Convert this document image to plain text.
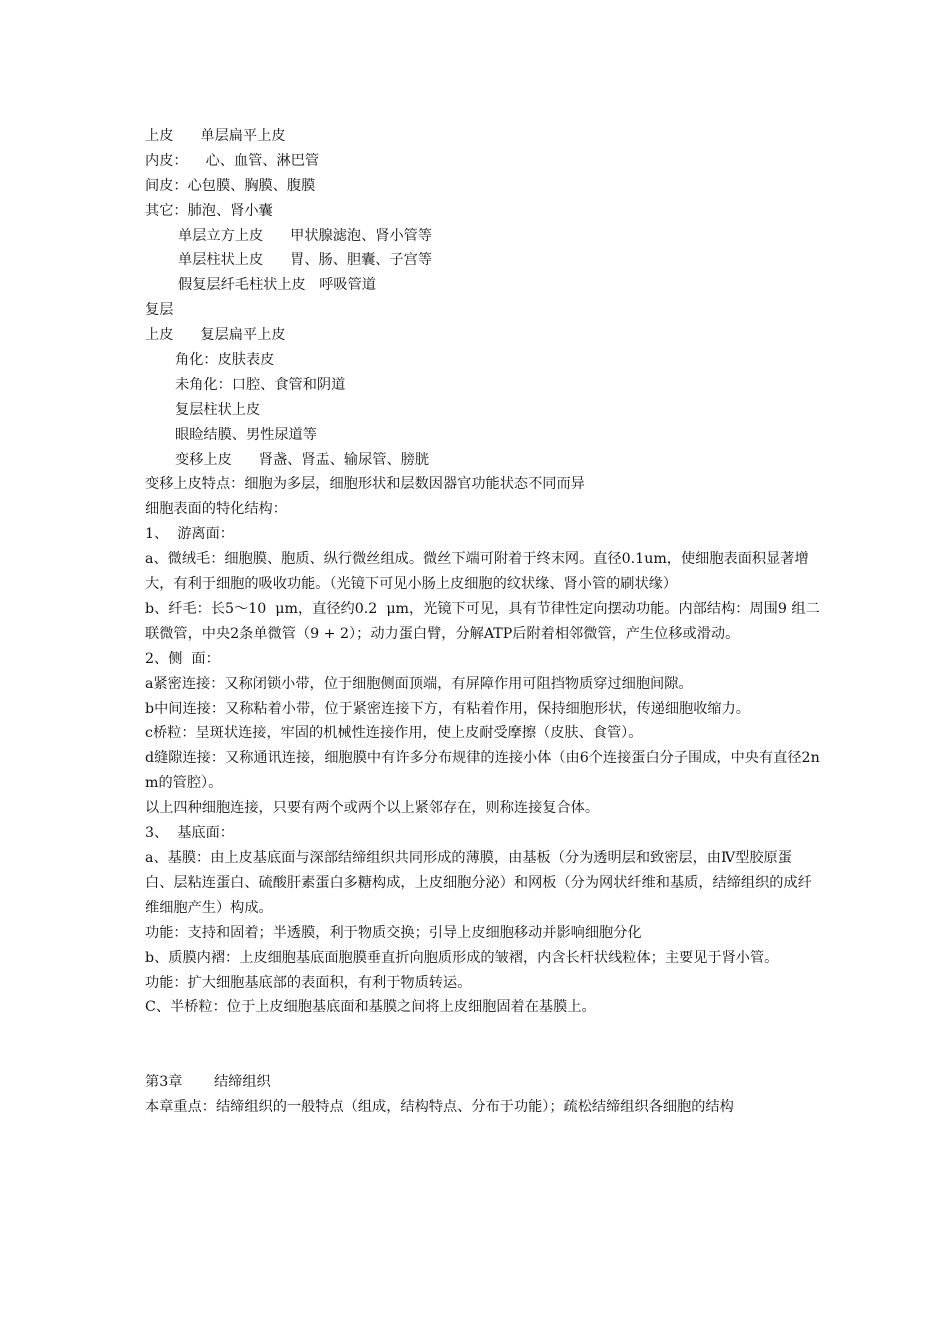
上皮      单层扁平上皮
内皮：    心、血管、淋巴管
间皮：心包膜、胸膜、腹膜
其它：肺泡、肾小囊
单层立方上皮      甲状腺滤泡、肾小管等
单层柱状上皮      胃、肠、胆囊、子宫等
假复层纤毛柱状上皮   呼吸管道
复层
上皮      复层扁平上皮
角化：皮肤表皮
未角化：口腔、食管和阴道
复层柱状上皮
眼睑结膜、男性尿道等
变移上皮      肾盏、肾盂、输尿管、膀胱
变移上皮特点：细胞为多层，细胞形状和层数因器官功能状态不同而异
细胞表面的特化结构：
1、  游离面：
a、微绒毛：细胞膜、胞质、纵行微丝组成。微丝下端可附着于终末网。直径0.1um，使细胞表面积显著增大，有利于细胞的吸收功能。（光镜下可见小肠上皮细胞的纹状缘、肾小管的刷状缘）
b、纤毛：长5～10  μm，直径约0.2  μm，光镜下可见，具有节律性定向摆动功能。内部结构：周围9 组二联微管，中央2条单微管（9 + 2）；动力蛋白臂，分解ATP后附着相邻微管，产生位移或滑动。
2、侧  面：
a紧密连接：又称闭锁小带，位于细胞侧面顶端，有屏障作用可阻挡物质穿过细胞间隙。
b中间连接：又称粘着小带，位于紧密连接下方，有粘着作用，保持细胞形状，传递细胞收缩力。
c桥粒：呈斑状连接，牢固的机械性连接作用，使上皮耐受摩擦（皮肤、食管）。
d缝隙连接：又称通讯连接，细胞膜中有许多分布规律的连接小体（由6个连接蛋白分子围成，中央有直径2nm的管腔）。
以上四种细胞连接，只要有两个或两个以上紧邻存在，则称连接复合体。
3、  基底面：
a、基膜：由上皮基底面与深部结缔组织共同形成的薄膜，由基板（分为透明层和致密层，由Ⅳ型胶原蛋白、层粘连蛋白、硫酸肝素蛋白多糖构成，上皮细胞分泌）和网板（分为网状纤维和基质，结缔组织的成纤维细胞产生）构成。
功能：支持和固着；半透膜，利于物质交换；引导上皮细胞移动并影响细胞分化
b、质膜内褶：上皮细胞基底面胞膜垂直折向胞质形成的皱褶，内含长杆状线粒体；主要见于肾小管。
功能：扩大细胞基底部的表面积，有利于物质转运。
C、半桥粒：位于上皮细胞基底面和基膜之间将上皮细胞固着在基膜上。
第3章       结缔组织
本章重点：结缔组织的一般特点（组成，结构特点、分布于功能）；疏松结缔组织各细胞的结构
